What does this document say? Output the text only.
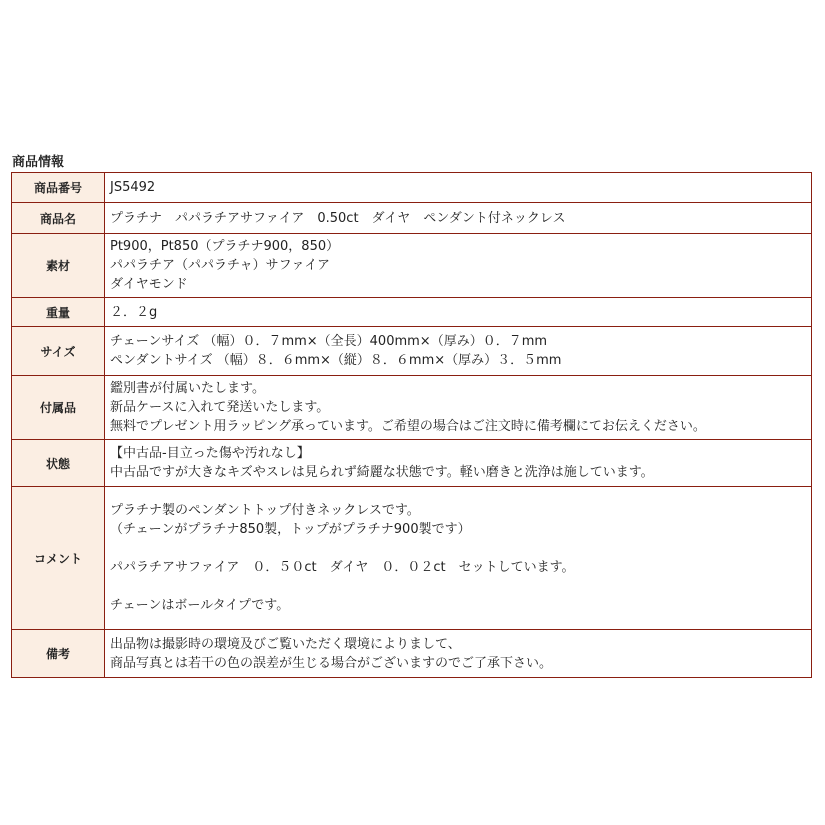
商品情報
商品番号	JS5492

商品名	プラチナ　パパラチアサファイア　0.50ct　ダイヤ　ペンダント付ネックレス

素材	Pt900，Pt850（プラチナ900，850）
パパラチア（パパラチャ）サファイア
ダイヤモンド

重量	２．２g

サイズ	チェーンサイズ （幅）０．７mm×（全長）400mm×（厚み）０．７mm
ペンダントサイズ （幅）８．６mm×（縦）８．６mm×（厚み）３．５mm

付属品	鑑別書が付属いたします。
新品ケースに入れて発送いたします。
無料でプレゼント用ラッピング承っています。ご希望の場合はご注文時に備考欄にてお伝えください。

状態	【中古品-目立った傷や汚れなし】
中古品ですが大きなキズやスレは見られず綺麗な状態です。軽い磨きと洗浄は施しています。

コメント	プラチナ製のペンダントトップ付きネックレスです。
（チェーンがプラチナ850製，トップがプラチナ900製です）
パパラチアサファイア　０．５０ct　ダイヤ　０．０２ct　セットしています。
チェーンはボールタイプです。

備考	出品物は撮影時の環境及びご覧いただく環境によりまして、
商品写真とは若干の色の誤差が生じる場合がございますのでご了承下さい。
